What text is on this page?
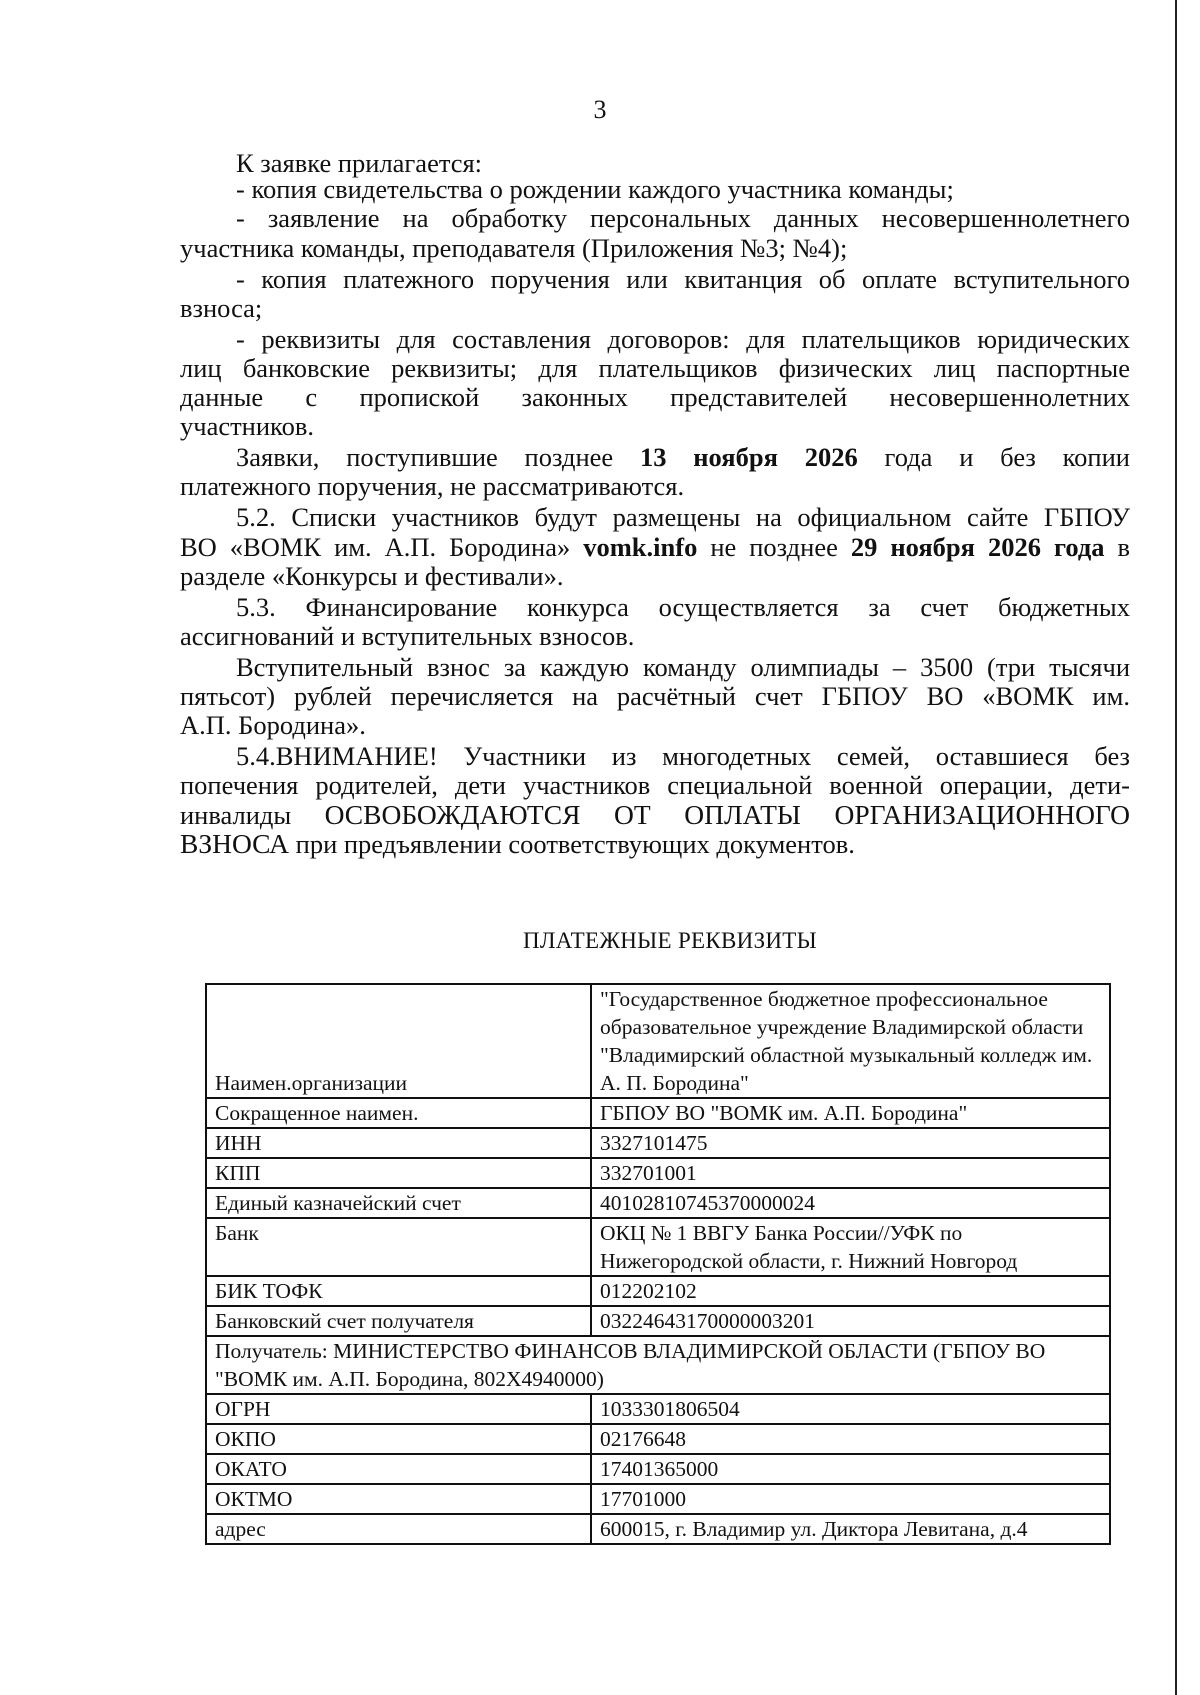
3
К заявке прилагается:
- копия свидетельства о рождении каждого участника команды;
- заявление на обработку персональных данных несовершеннолетнего
участника команды, преподавателя (Приложения №3; №4);
- копия платежного поручения или квитанция об оплате вступительного
взноса;
- реквизиты для составления договоров: для плательщиков юридических
лиц банковские реквизиты; для плательщиков физических лиц паспортные
данные с пропиской законных представителей несовершеннолетних
участников.
Заявки, поступившие позднее 13 ноября 2026 года и без копии
платежного поручения, не рассматриваются.
5.2. Списки участников будут размещены на официальном сайте ГБПОУ
ВО «ВОМК им. А.П. Бородина» vomk.info не позднее 29 ноября 2026 года в
разделе «Конкурсы и фестивали».
5.3. Финансирование конкурса осуществляется за счет бюджетных
ассигнований и вступительных взносов.
Вступительный взнос за каждую команду олимпиады – 3500 (три тысячи
пятьсот) рублей перечисляется на расчётный счет ГБПОУ ВО «ВОМК им.
А.П. Бородина».
5.4.ВНИМАНИЕ! Участники из многодетных семей, оставшиеся без
попечения родителей, дети участников специальной военной операции, дети-
инвалиды ОСВОБОЖДАЮТСЯ ОТ ОПЛАТЫ ОРГАНИЗАЦИОННОГО
ВЗНОСА при предъявлении соответствующих документов.
ПЛАТЕЖНЫЕ РЕКВИЗИТЫ
Наимен.организации	"Государственное бюджетное профессиональное образовательное учреждение Владимирской области "Владимирский областной музыкальный колледж им. А. П. Бородина"
Сокращенное наимен.	ГБПОУ ВО "ВОМК им. А.П. Бородина"
ИНН	3327101475
КПП	332701001
Единый казначейский счет	40102810745370000024
Банк	ОКЦ № 1 ВВГУ Банка России//УФК по Нижегородской области, г. Нижний Новгород
БИК ТОФК	012202102
Банковский счет получателя	03224643170000003201
Получатель: МИНИСТЕРСТВО ФИНАНСОВ ВЛАДИМИРСКОЙ ОБЛАСТИ (ГБПОУ ВО "ВОМК им. А.П. Бородина, 802Х4940000)	
ОГРН	1033301806504
ОКПО	02176648
ОКАТО	17401365000
ОКТМО	17701000
адрес	600015, г. Владимир ул. Диктора Левитана, д.4
